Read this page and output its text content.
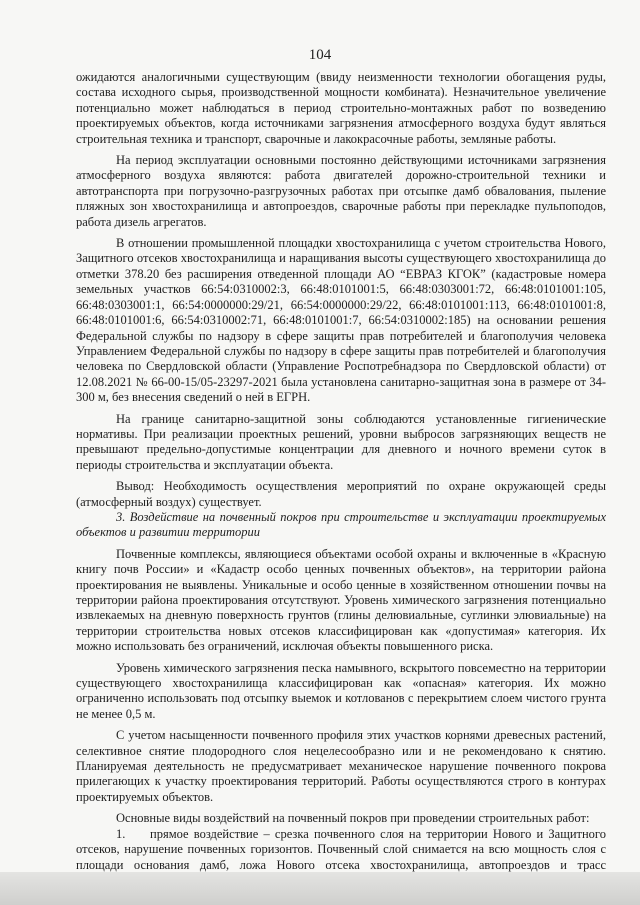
104

ожидаются аналогичными существующим (ввиду неизменности технологии обогащения руды, состава исходного сырья, производственной мощности комбината). Незначительное увеличение потенциально может наблюдаться в период строительно-монтажных работ по возведению проектируемых объектов, когда источниками загрязнения атмосферного воздуха будут являться строительная техника и транспорт, сварочные и лакокрасочные работы, земляные работы.

На период эксплуатации основными постоянно действующими источниками загрязнения атмосферного воздуха являются: работа двигателей дорожно-строительной техники и автотранспорта при погрузочно-разгрузочных работах при отсыпке дамб обвалования, пыление пляжных зон хвостохранилища и автопроездов, сварочные работы при перекладке пульпоподов, работа дизель агрегатов.

В отношении промышленной площадки хвостохранилища с учетом строительства Нового, Защитного отсеков хвостохранилища и наращивания высоты существующего хвостохранилища до отметки 378.20 без расширения отведенной площади АО “ЕВРАЗ КГОК” (кадастровые номера земельных участков 66:54:0310002:3, 66:48:0101001:5, 66:48:0303001:72, 66:48:0101001:105, 66:48:0303001:1, 66:54:0000000:29/21, 66:54:0000000:29/22, 66:48:0101001:113, 66:48:0101001:8, 66:48:0101001:6, 66:54:0310002:71, 66:48:0101001:7, 66:54:0310002:185) на основании решения Федеральной службы по надзору в сфере защиты прав потребителей и благополучия человека Управлением Федеральной службы по надзору в сфере защиты прав потребителей и благополучия человека по Свердловской области (Управление Роспотребнадзора по Свердловской области) от 12.08.2021 № 66-00-15/05-23297-2021 была установлена санитарно-защитная зона в размере от 34-300 м, без внесения сведений о ней в ЕГРН.

На границе санитарно-защитной зоны соблюдаются установленные гигиенические нормативы. При реализации проектных решений, уровни выбросов загрязняющих веществ не превышают предельно-допустимые концентрации для дневного и ночного времени суток в периоды строительства и эксплуатации объекта.

Вывод: Необходимость осуществления мероприятий по охране окружающей среды (атмосферный воздух) существует.

3. Воздействие на почвенный покров при строительстве и эксплуатации проектируемых объектов и развитии территории

Почвенные комплексы, являющиеся объектами особой охраны и включенные в «Красную книгу почв России» и «Кадастр особо ценных почвенных объектов», на территории района проектирования не выявлены. Уникальные и особо ценные в хозяйственном отношении почвы на территории района проектирования отсутствуют. Уровень химического загрязнения потенциально извлекаемых на дневную поверхность грунтов (глины делювиальные, суглинки элювиальные) на территории строительства новых отсеков классифицирован как «допустимая» категория. Их можно использовать без ограничений, исключая объекты повышенного риска.

Уровень химического загрязнения песка намывного, вскрытого повсеместно на территории существующего хвостохранилища классифицирован как «опасная» категория. Их можно ограниченно использовать под отсыпку выемок и котлованов с перекрытием слоем чистого грунта не менее 0,5 м.

С учетом насыщенности почвенного профиля этих участков корнями древесных растений, селективное снятие плодородного слоя нецелесообразно или и не рекомендовано к снятию. Планируемая деятельность не предусматривает механическое нарушение почвенного покрова прилегающих к участку проектирования территорий. Работы осуществляются строго в контурах проектируемых объектов.

Основные виды воздействий на почвенный покров при проведении строительных работ:

1. прямое воздействие – срезка почвенного слоя на территории Нового и Защитного отсеков, нарушение почвенных горизонтов. Почвенный слой снимается на всю мощность слоя с площади основания дамб, ложа Нового отсека хвостохранилища, автопроездов и трасс
